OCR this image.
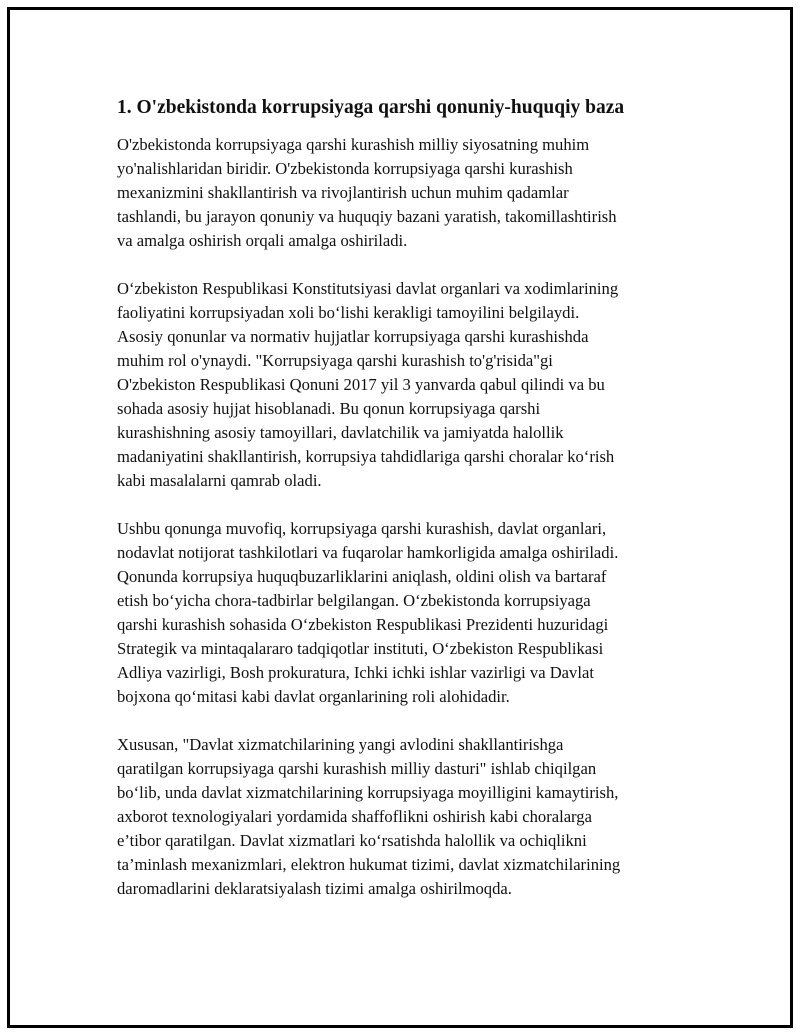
1. O'zbekistonda korrupsiyaga qarshi qonuniy-huquqiy baza

O'zbekistonda korrupsiyaga qarshi kurashish milliy siyosatning muhim
yo'nalishlaridan biridir. O'zbekistonda korrupsiyaga qarshi kurashish
mexanizmini shakllantirish va rivojlantirish uchun muhim qadamlar
tashlandi, bu jarayon qonuniy va huquqiy bazani yaratish, takomillashtirish
va amalga oshirish orqali amalga oshiriladi.

O‘zbekiston Respublikasi Konstitutsiyasi davlat organlari va xodimlarining
faoliyatini korrupsiyadan xoli bo‘lishi kerakligi tamoyilini belgilaydi.
Asosiy qonunlar va normativ hujjatlar korrupsiyaga qarshi kurashishda
muhim rol o'ynaydi. "Korrupsiyaga qarshi kurashish to'g'risida"gi
O'zbekiston Respublikasi Qonuni 2017 yil 3 yanvarda qabul qilindi va bu
sohada asosiy hujjat hisoblanadi. Bu qonun korrupsiyaga qarshi
kurashishning asosiy tamoyillari, davlatchilik va jamiyatda halollik
madaniyatini shakllantirish, korrupsiya tahdidlariga qarshi choralar ko‘rish
kabi masalalarni qamrab oladi.

Ushbu qonunga muvofiq, korrupsiyaga qarshi kurashish, davlat organlari,
nodavlat notijorat tashkilotlari va fuqarolar hamkorligida amalga oshiriladi.
Qonunda korrupsiya huquqbuzarliklarini aniqlash, oldini olish va bartaraf
etish bo‘yicha chora-tadbirlar belgilangan. O‘zbekistonda korrupsiyaga
qarshi kurashish sohasida O‘zbekiston Respublikasi Prezidenti huzuridagi
Strategik va mintaqalararo tadqiqotlar instituti, O‘zbekiston Respublikasi
Adliya vazirligi, Bosh prokuratura, Ichki ichki ishlar vazirligi va Davlat
bojxona qo‘mitasi kabi davlat organlarining roli alohidadir.

Xususan, "Davlat xizmatchilarining yangi avlodini shakllantirishga
qaratilgan korrupsiyaga qarshi kurashish milliy dasturi" ishlab chiqilgan
bo‘lib, unda davlat xizmatchilarining korrupsiyaga moyilligini kamaytirish,
axborot texnologiyalari yordamida shaffoflikni oshirish kabi choralarga
e’tibor qaratilgan. Davlat xizmatlari ko‘rsatishda halollik va ochiqlikni
ta’minlash mexanizmlari, elektron hukumat tizimi, davlat xizmatchilarining
daromadlarini deklaratsiyalash tizimi amalga oshirilmoqda.
